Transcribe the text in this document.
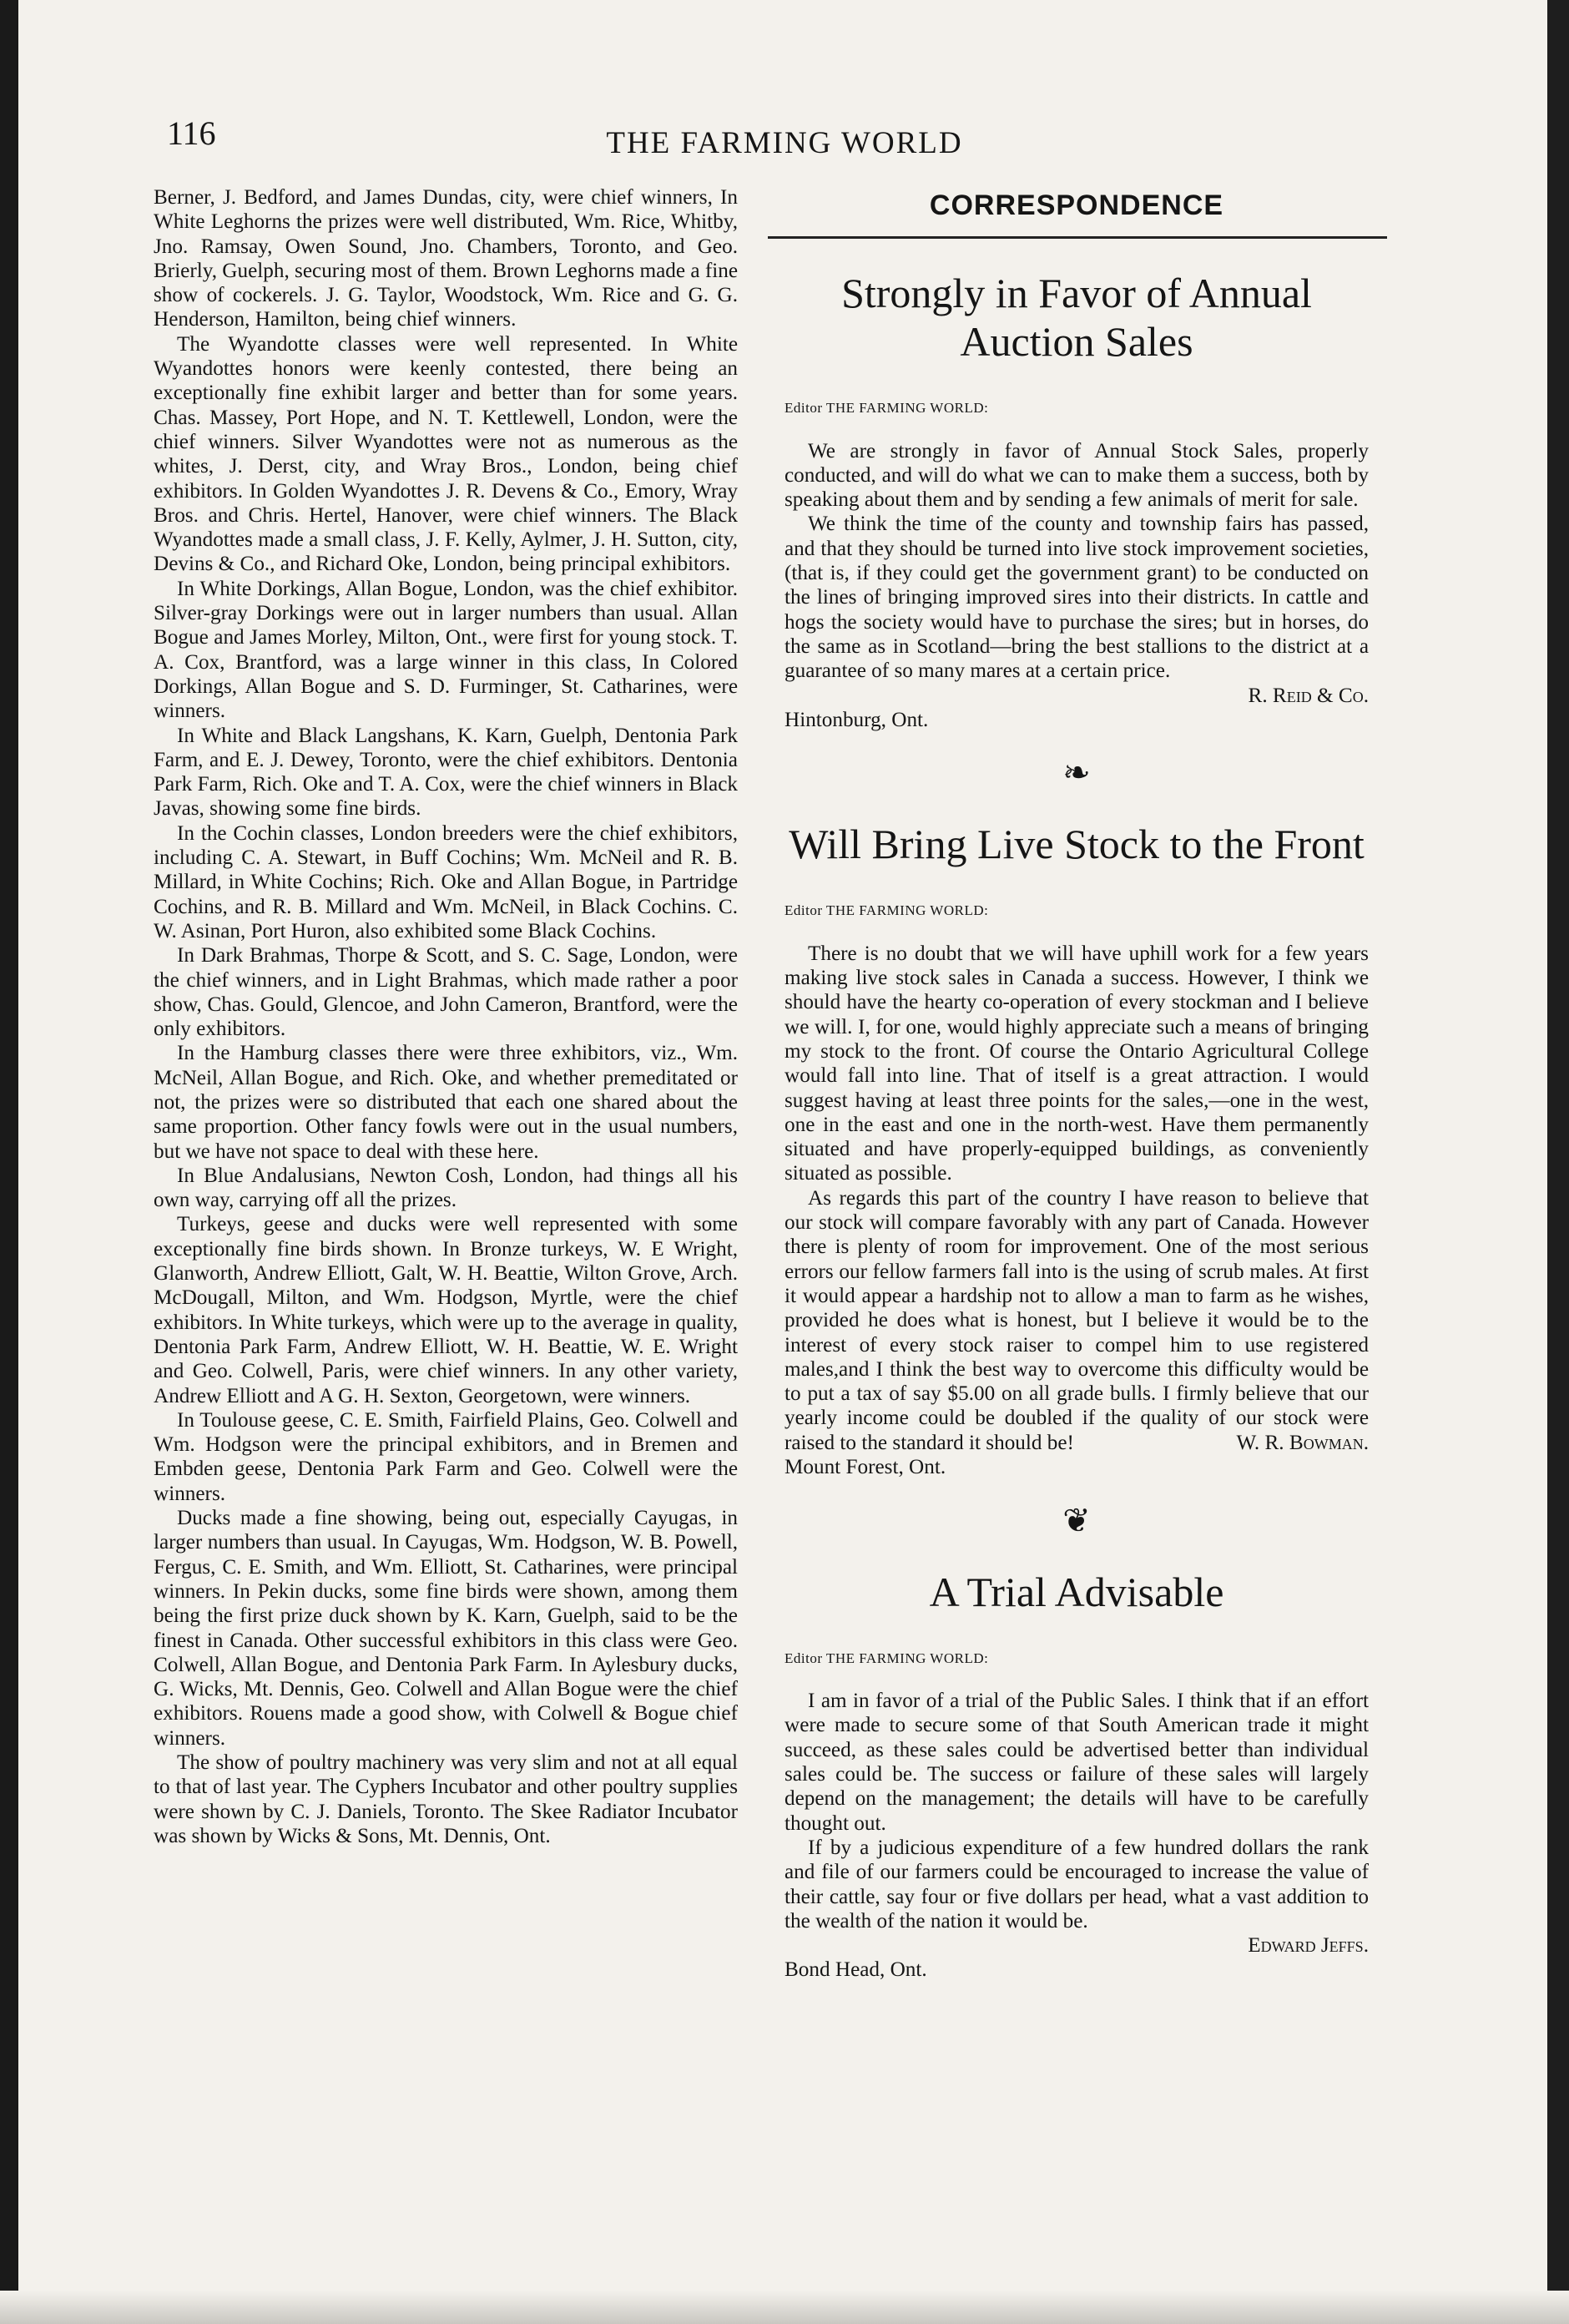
116	THE FARMING WORLD

Berner, J. Bedford, and James Dundas, city, were chief winners, In White Leghorns the prizes were well distributed, Wm. Rice, Whitby, Jno. Ramsay, Owen Sound, Jno. Chambers, Toronto, and Geo. Brierly, Guelph, securing most of them. Brown Leghorns made a fine show of cockerels. J. G. Taylor, Woodstock, Wm. Rice and G. G. Henderson, Hamilton, being chief winners.

The Wyandotte classes were well represented. In White Wyandottes honors were keenly contested, there being an exceptionally fine exhibit larger and better than for some years. Chas. Massey, Port Hope, and N. T. Kettlewell, London, were the chief winners. Silver Wyandottes were not as numerous as the whites, J. Derst, city, and Wray Bros., London, being chief exhibitors. In Golden Wyandottes J. R. Devens & Co., Emory, Wray Bros. and Chris. Hertel, Hanover, were chief winners. The Black Wyandottes made a small class, J. F. Kelly, Aylmer, J. H. Sutton, city, Devins & Co., and Richard Oke, London, being principal exhibitors.

In White Dorkings, Allan Bogue, London, was the chief exhibitor. Silver-gray Dorkings were out in larger numbers than usual. Allan Bogue and James Morley, Milton, Ont., were first for young stock. T. A. Cox, Brantford, was a large winner in this class, In Colored Dorkings, Allan Bogue and S. D. Furminger, St. Catharines, were winners.

In White and Black Langshans, K. Karn, Guelph, Dentonia Park Farm, and E. J. Dewey, Toronto, were the chief exhibitors. Dentonia Park Farm, Rich. Oke and T. A. Cox, were the chief winners in Black Javas, showing some fine birds.

In the Cochin classes, London breeders were the chief exhibitors, including C. A. Stewart, in Buff Cochins; Wm. McNeil and R. B. Millard, in White Cochins; Rich. Oke and Allan Bogue, in Partridge Cochins, and R. B. Millard and Wm. McNeil, in Black Cochins. C. W. Asinan, Port Huron, also exhibited some Black Cochins.

In Dark Brahmas, Thorpe & Scott, and S. C. Sage, London, were the chief winners, and in Light Brahmas, which made rather a poor show, Chas. Gould, Glencoe, and John Cameron, Brantford, were the only exhibitors.

In the Hamburg classes there were three exhibitors, viz., Wm. McNeil, Allan Bogue, and Rich. Oke, and whether premeditated or not, the prizes were so distributed that each one shared about the same proportion. Other fancy fowls were out in the usual numbers, but we have not space to deal with these here.

In Blue Andalusians, Newton Cosh, London, had things all his own way, carrying off all the prizes.

Turkeys, geese and ducks were well represented with some exceptionally fine birds shown. In Bronze turkeys, W. E Wright, Glanworth, Andrew Elliott, Galt, W. H. Beattie, Wilton Grove, Arch. McDougall, Milton, and Wm. Hodgson, Myrtle, were the chief exhibitors. In White turkeys, which were up to the average in quality, Dentonia Park Farm, Andrew Elliott, W. H. Beattie, W. E. Wright and Geo. Colwell, Paris, were chief winners. In any other variety, Andrew Elliott and A G. H. Sexton, Georgetown, were winners.

In Toulouse geese, C. E. Smith, Fairfield Plains, Geo. Colwell and Wm. Hodgson were the principal exhibitors, and in Bremen and Embden geese, Dentonia Park Farm and Geo. Colwell were the winners.

Ducks made a fine showing, being out, especially Cayugas, in larger numbers than usual. In Cayugas, Wm. Hodgson, W. B. Powell, Fergus, C. E. Smith, and Wm. Elliott, St. Catharines, were principal winners. In Pekin ducks, some fine birds were shown, among them being the first prize duck shown by K. Karn, Guelph, said to be the finest in Canada. Other successful exhibitors in this class were Geo. Colwell, Allan Bogue, and Dentonia Park Farm. In Aylesbury ducks, G. Wicks, Mt. Dennis, Geo. Colwell and Allan Bogue were the chief exhibitors. Rouens made a good show, with Colwell & Bogue chief winners.

The show of poultry machinery was very slim and not at all equal to that of last year. The Cyphers Incubator and other poultry supplies were shown by C. J. Daniels, Toronto. The Skee Radiator Incubator was shown by Wicks & Sons, Mt. Dennis, Ont.

CORRESPONDENCE
Strongly in Favor of Annual Auction Sales
Editor THE FARMING WORLD:

We are strongly in favor of Annual Stock Sales, properly conducted, and will do what we can to make them a success, both by speaking about them and by sending a few animals of merit for sale.

We think the time of the county and township fairs has passed, and that they should be turned into live stock improvement societies, (that is, if they could get the government grant) to be conducted on the lines of bringing improved sires into their districts. In cattle and hogs the society would have to purchase the sires; but in horses, do the same as in Scotland—bring the best stallions to the district at a guarantee of so many mares at a certain price.

R. Reid & Co.

Hintonburg, Ont.

❧
Will Bring Live Stock to the Front
Editor THE FARMING WORLD:

There is no doubt that we will have uphill work for a few years making live stock sales in Canada a success. However, I think we should have the hearty co-operation of every stockman and I believe we will. I, for one, would highly appreciate such a means of bringing my stock to the front. Of course the Ontario Agricultural College would fall into line. That of itself is a great attraction. I would suggest having at least three points for the sales,—one in the west, one in the east and one in the north-west. Have them permanently situated and have properly-equipped buildings, as conveniently situated as possible.

As regards this part of the country I have reason to believe that our stock will compare favorably with any part of Canada. However there is plenty of room for improvement. One of the most serious errors our fellow farmers fall into is the using of scrub males. At first it would appear a hardship not to allow a man to farm as he wishes, provided he does what is honest, but I believe it would be to the interest of every stock raiser to compel him to use registered males,and I think the best way to overcome this difficulty would be to put a tax of say $5.00 on all grade bulls. I firmly believe that our yearly income could be doubled if the quality of our stock were raised to the standard it should be!	W. R. Bowman.

Mount Forest, Ont.

❦
A Trial Advisable
Editor THE FARMING WORLD:

I am in favor of a trial of the Public Sales. I think that if an effort were made to secure some of that South American trade it might succeed, as these sales could be advertised better than individual sales could be. The success or failure of these sales will largely depend on the management; the details will have to be carefully thought out.

If by a judicious expenditure of a few hundred dollars the rank and file of our farmers could be encouraged to increase the value of their cattle, say four or five dollars per head, what a vast addition to the wealth of the nation it would be.

Edward Jeffs.

Bond Head, Ont.
